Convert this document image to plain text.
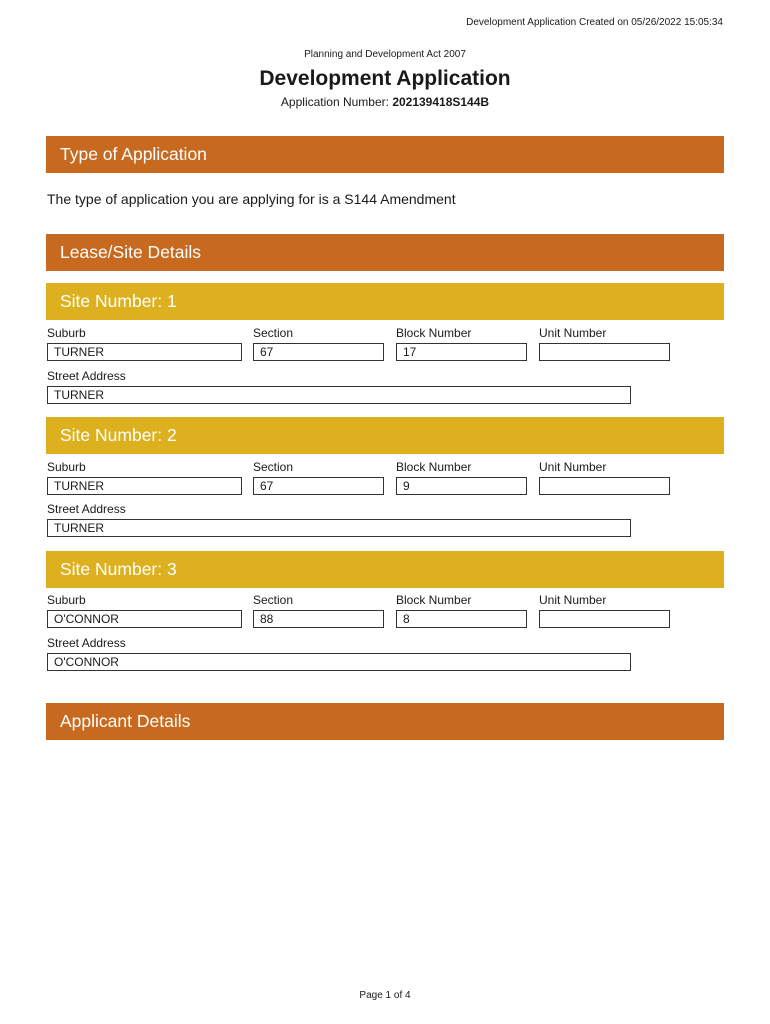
Development Application Created on 05/26/2022 15:05:34
Planning and Development Act 2007
Development Application
Application Number: 202139418S144B
Type of Application
The type of application you are applying for is a S144 Amendment
Lease/Site Details
Site Number: 1
Suburb	Section	Block Number	Unit Number
TURNER	67	17
Street Address
TURNER
Site Number: 2
Suburb	Section	Block Number	Unit Number
TURNER	67	9
Street Address
TURNER
Site Number: 3
Suburb	Section	Block Number	Unit Number
O'CONNOR	88	8
Street Address
O'CONNOR
Applicant Details
Page 1 of 4
